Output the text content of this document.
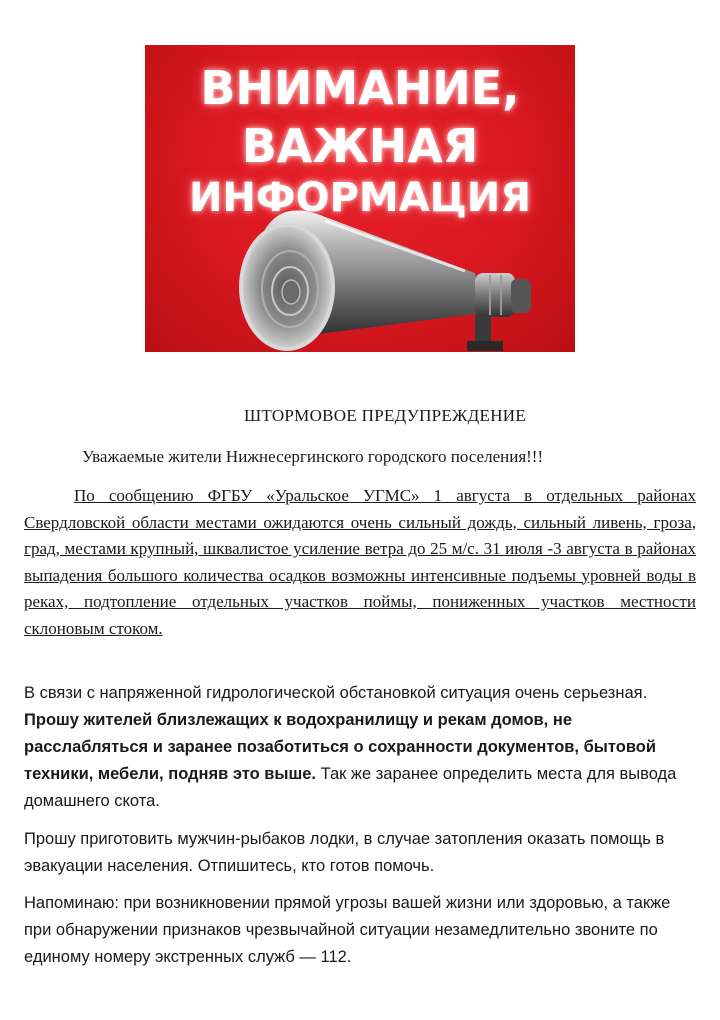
ВНИМАНИЕ,
ВАЖНАЯ
ИНФОРМАЦИЯ
ШТОРМОВОЕ ПРЕДУПРЕЖДЕНИЕ
Уважаемые жители Нижнесергинского городского поселения!!!

По сообщению ФГБУ «Уральское УГМС» 1 августа в отдельных районах Свердловской области местами ожидаются очень сильный дождь, сильный ливень, гроза, град, местами крупный, шквалистое усиление ветра до 25 м/с. 31 июля -3 августа в районах выпадения большого количества осадков возможны интенсивные подъемы уровней воды в реках, подтопление отдельных участков поймы, пониженных участков местности склоновым стоком.

В связи с напряженной гидрологической обстановкой ситуация очень серьезная. Прошу жителей близлежащих к водохранилищу и рекам домов, не расслабляться и заранее позаботиться о сохранности документов, бытовой техники, мебели, подняв это выше. Так же заранее определить места для вывода домашнего скота.

Прошу приготовить мужчин-рыбаков лодки, в случае затопления оказать помощь в эвакуации населения. Отпишитесь, кто готов помочь.

Напоминаю: при возникновении прямой угрозы вашей жизни или здоровью, а также при обнаружении признаков чрезвычайной ситуации незамедлительно звоните по единому номеру экстренных служб — 112.
